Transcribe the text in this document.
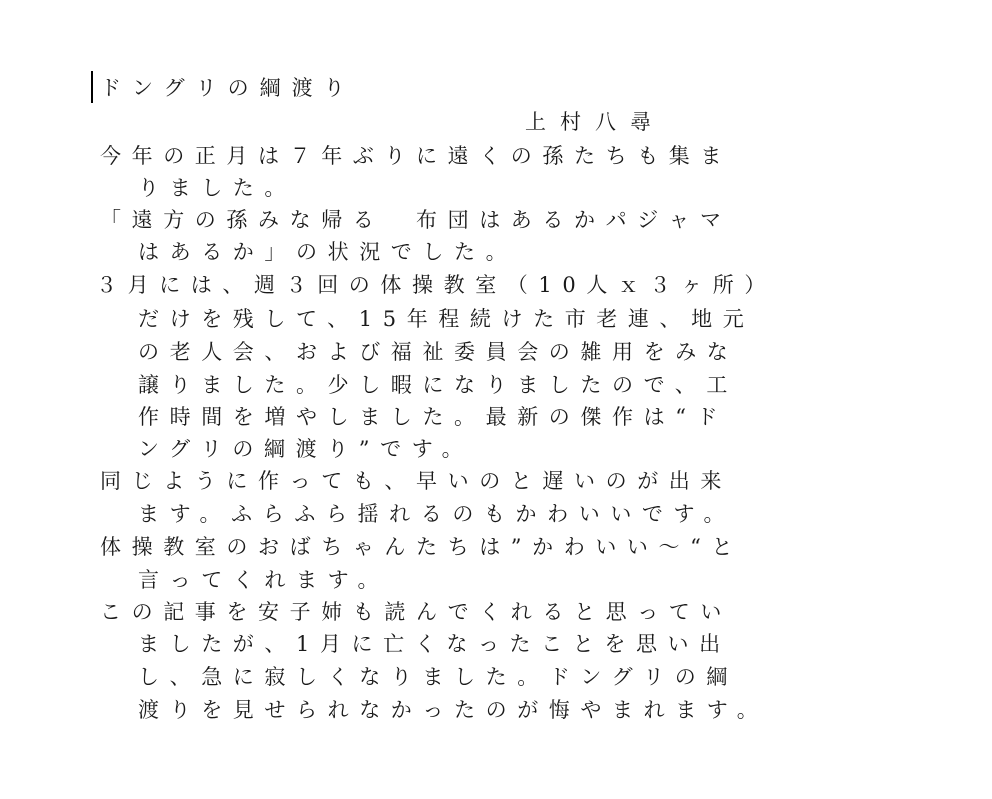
ドングリの綱渡り
上村八尋
今年の正月は７年ぶりに遠くの孫たちも集ま
りました。
「遠方の孫みな帰る　布団はあるかパジャマ
はあるか」の状況でした。
３月には、週３回の体操教室（10人ｘ３ヶ所）
だけを残して、15年程続けた市老連、地元
の老人会、および福祉委員会の雑用をみな
譲りました。少し暇になりましたので、工
作時間を増やしました。最新の傑作は“ド
ングリの綱渡り”です。
同じように作っても、早いのと遅いのが出来
ます。ふらふら揺れるのもかわいいです。
体操教室のおばちゃんたちは”かわいい～“と
言ってくれます。
この記事を安子姉も読んでくれると思ってい
ましたが、1月に亡くなったことを思い出
し、急に寂しくなりました。ドングリの綱
渡りを見せられなかったのが悔やまれます。
